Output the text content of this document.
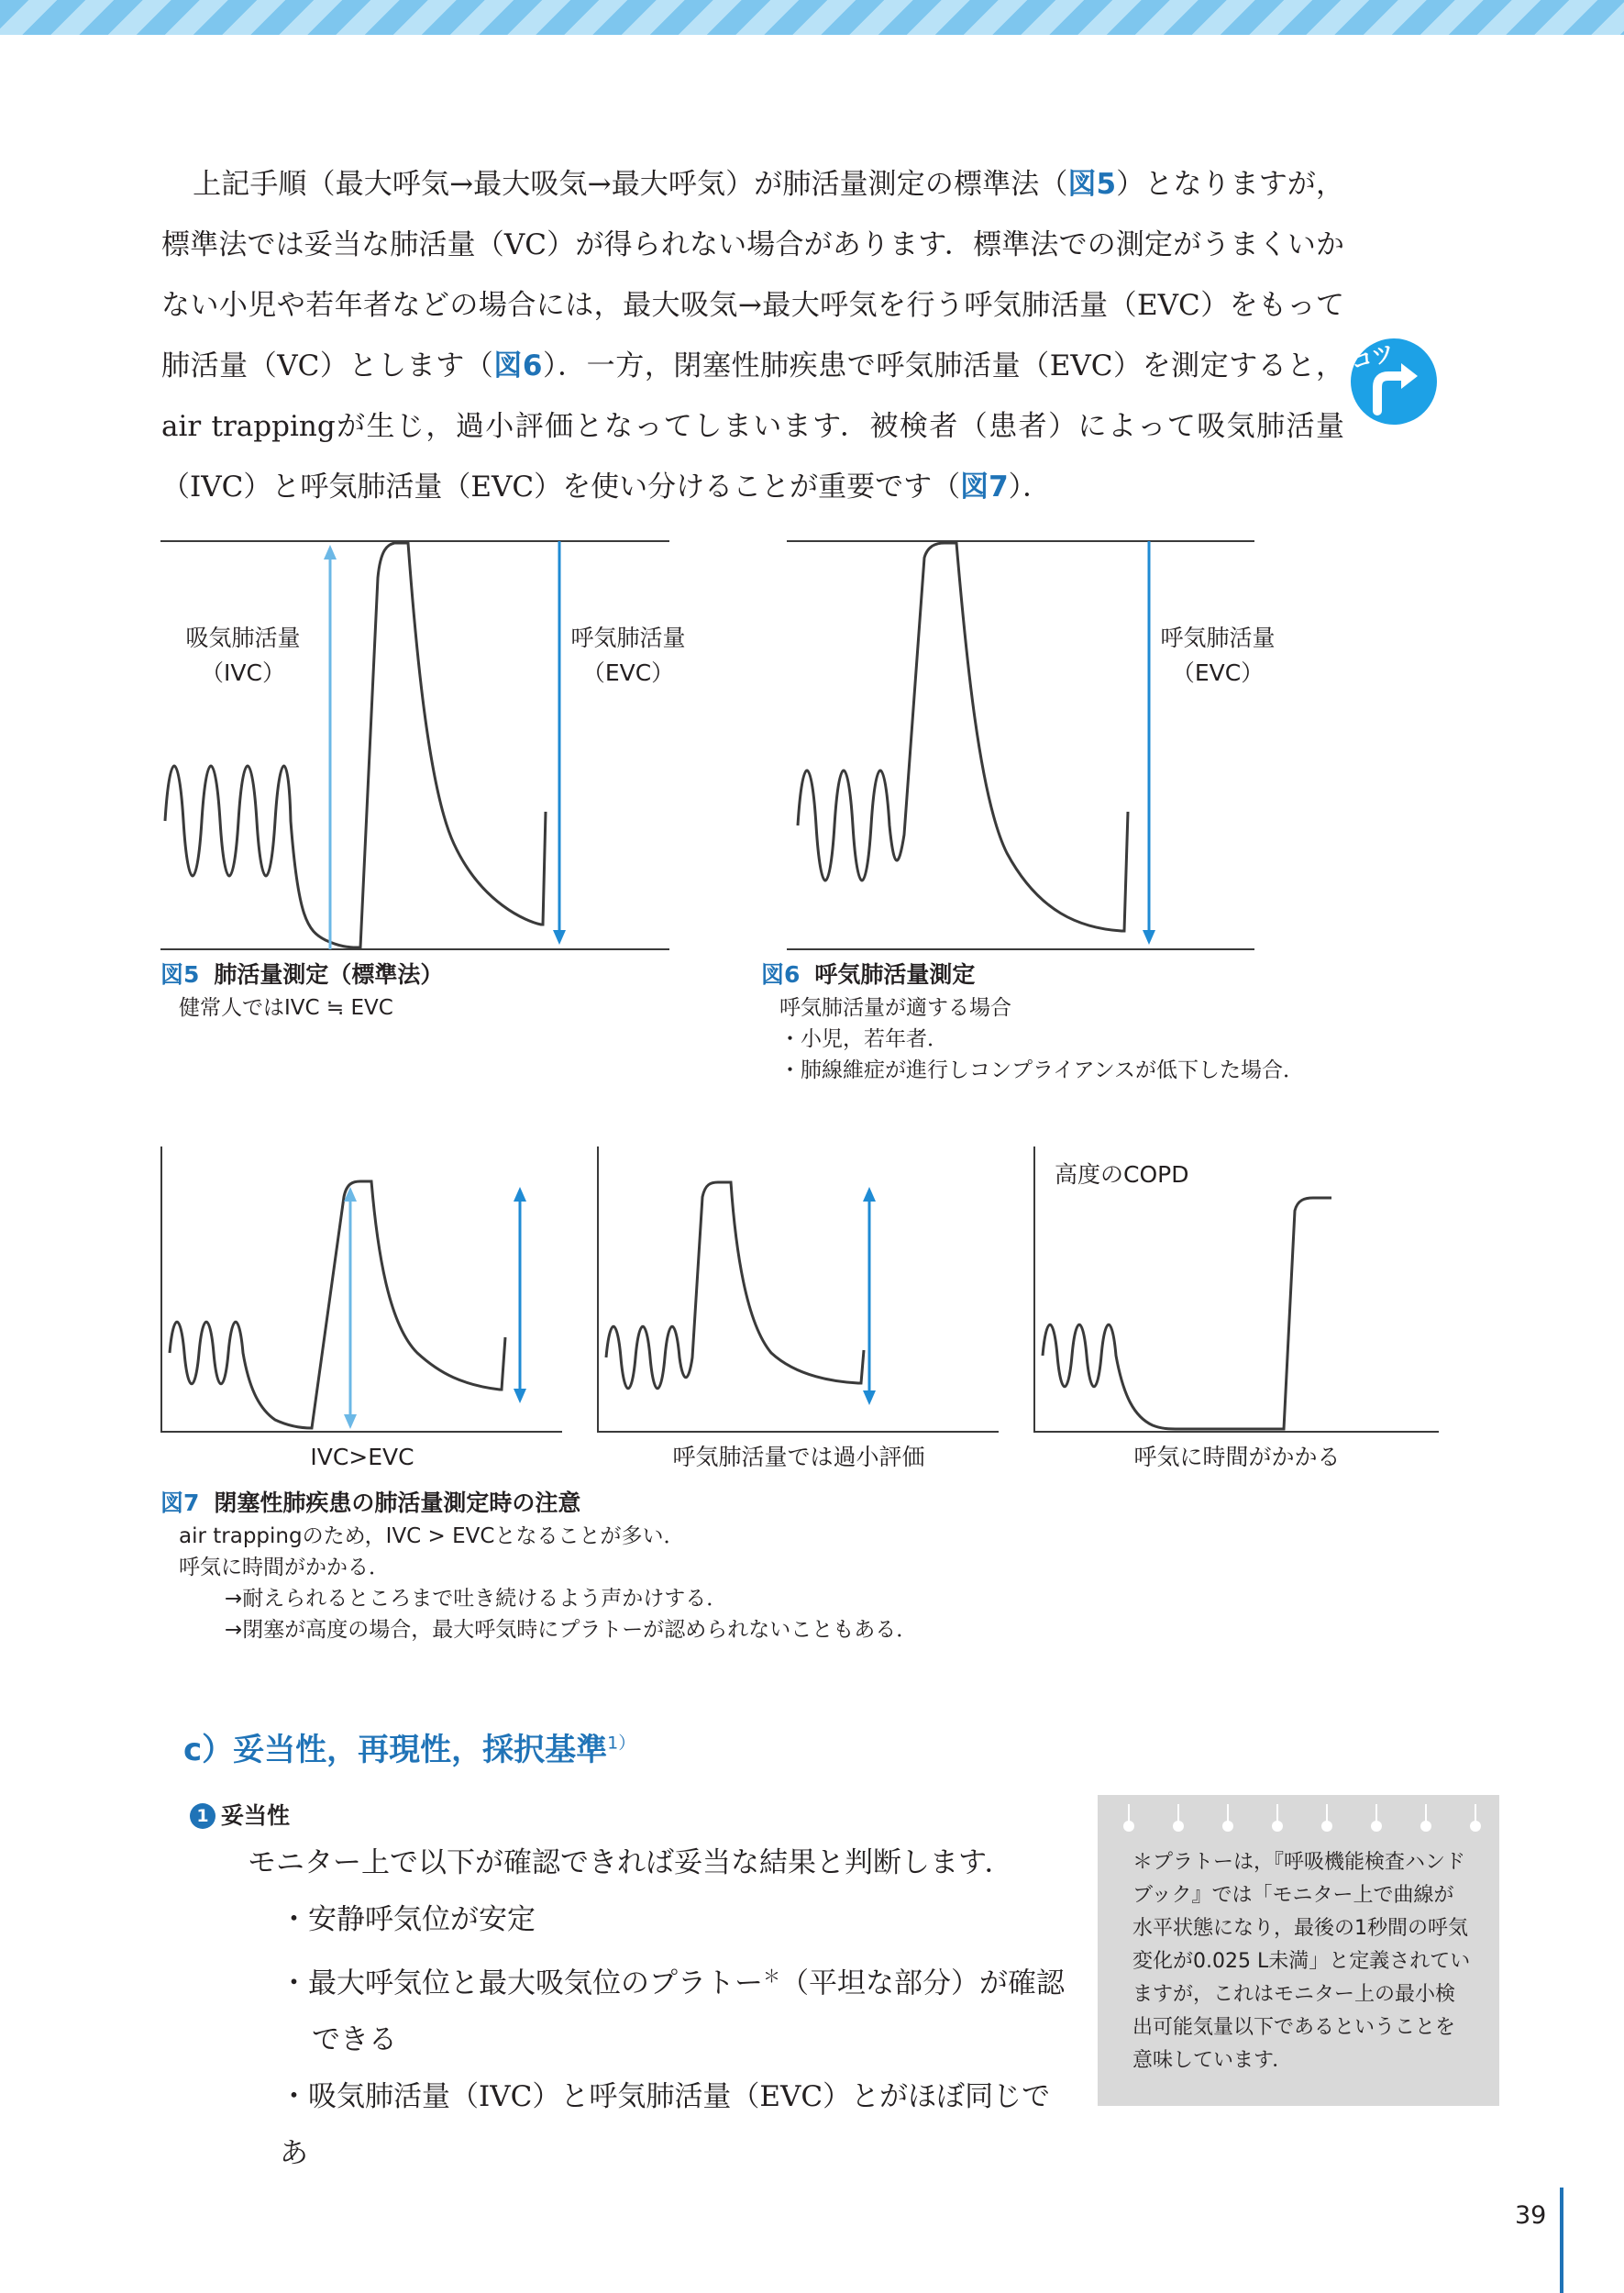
上記手順（最大呼気→最大吸気→最大呼気）が肺活量測定の標準法（図5）となりますが，標準法では妥当な肺活量（VC）が得られない場合があります．標準法での測定がうまくいかない小児や若年者などの場合には，最大吸気→最大呼気を行う呼気肺活量（EVC）をもって肺活量（VC）とします（図6）．一方，閉塞性肺疾患で呼気肺活量（EVC）を測定すると，air trappingが生じ，過小評価となってしまいます．被検者（患者）によって吸気肺活量（IVC）と呼気肺活量（EVC）を使い分けることが重要です（図7）．

コツ
吸気肺活量
（IVC）
呼気肺活量
（EVC）
図5 肺活量測定（標準法）
健常人ではIVC ≒ EVC
呼気肺活量
（EVC）
図6 呼気肺活量測定
呼気肺活量が適する場合
・小児，若年者．
・肺線維症が進行しコンプライアンスが低下した場合．
IVC>EVC	呼気肺活量では過小評価
高度のCOPD
呼気に時間がかかる
図7 閉塞性肺疾患の肺活量測定時の注意
air trappingのため，IVC > EVCとなることが多い．
呼気に時間がかかる．
→耐えられるところまで吐き続けるよう声かけする．
→閉塞が高度の場合，最大呼気時にプラトーが認められないこともある．
c）妥当性，再現性，採択基準$^{1)}$
1 妥当性
モニター上で以下が確認できれば妥当な結果と判断します．
・安静呼気位が安定
・最大呼気位と最大吸気位のプラトー＊（平坦な部分）が確認
できる
・吸気肺活量（IVC）と呼気肺活量（EVC）とがほぼ同じであ
＊プラトーは，『呼吸機能検査ハンドブック』では「モニター上で曲線が水平状態になり，最後の1秒間の呼気変化が0.025 L未満」と定義されていますが，これはモニター上の最小検出可能気量以下であるということを意味しています．
39
